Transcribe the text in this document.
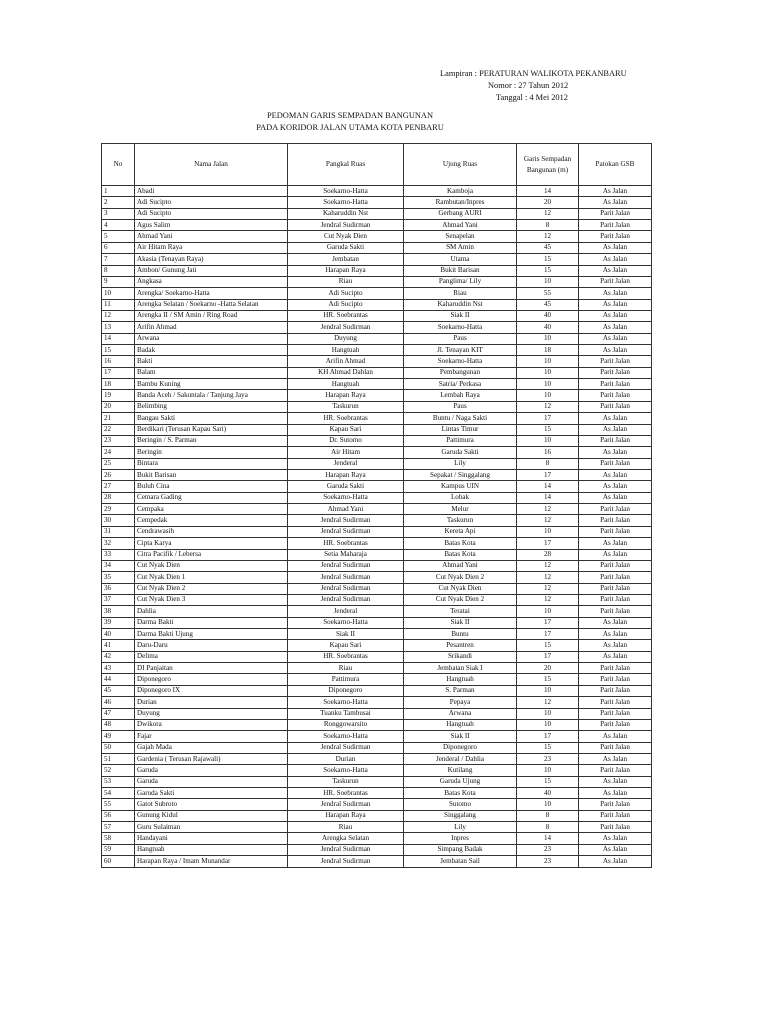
Lampiran : PERATURAN WALIKOTA PEKANBARU
Nomor : 27 Tahun 2012
Tanggal : 4 Mei 2012
PEDOMAN GARIS SEMPADAN BANGUNAN
PADA KORIDOR JALAN UTAMA KOTA PENBARU
No	Nama Jalan	Pangkal Ruas	Ujung Ruas	Garis Sempadan Bangunan (m)	Patokan GSB
1	Abadi	Soekarno-Hatta	Kamboja	14	As Jalan
2	Adi Sucipto	Soekarno-Hatta	Rambutan/Inpres	20	As Jalan
3	Adi Sucipto	Kaharuddin Nst	Gerbang AURI	12	Parit Jalan
4	Agus Salim	Jendral Sudirman	Ahmad Yani	8	Parit Jalan
5	Ahmad Yani	Cut Nyak Dien	Senapelan	12	Parit Jalan
6	Air Hitam Raya	Garuda Sakti	SM Amin	45	As Jalan
7	Akasia (Tenayan Raya)	Jembatan	Utama	15	As Jalan
8	Ambon/ Gunung Jati	Harapan Raya	Bukit Barisan	15	As Jalan
9	Angkasa	Riau	Panglima/ Lily	10	Parit Jalan
10	Arengka/ Soekarno-Hatta	Adi Sucipto	Riau	55	As Jalan
11	Arengka Selatan / Soekarno -Hatta Selatan	Adi Sucipto	Kaharuddin Nst	45	As Jalan
12	Arengka II / SM Amin / Ring Road	HR. Soebrantas	Siak II	40	As Jalan
13	Arifin Ahmad	Jendral Sudirman	Soekarno-Hatta	40	As Jalan
14	Arwana	Duyung	Paus	10	As Jalan
15	Badak	Hangtuah	Jl. Tenayan KIT	18	As Jalan
16	Bakti	Arifin Ahmad	Soekarno-Hatta	10	Parit Jalan
17	Balam	KH Ahmad Dahlan	Pembangunan	10	Parit Jalan
18	Bambu Kuning	Hangtuah	Satria/ Perkasa	10	Parit Jalan
19	Banda Aceh / Sakuntala / Tanjung Jaya	Harapan Raya	Lembah Raya	10	Parit Jalan
20	Belimbing	Taskurun	Paus	12	Parit Jalan
21	Bangau Sakti	HR. Soebrantas	Buntu / Naga Sakti	17	As Jalan
22	Berdikari (Terusan Kapau Sari)	Kapau Sari	Lintas Timur	15	As Jalan
23	Beringin / S. Parman	Dr. Sutomo	Pattimura	10	Parit Jalan
24	Beringin	Air Hitam	Garuda Sakti	16	As Jalan
25	Bintara	Jenderal	Lily	8	Parit Jalan
26	Bukit Barisan	Harapan Raya	Sepakat / Singgalang	17	As Jalan
27	Buluh Cina	Garuda Sakti	Kampus UIN	14	As Jalan
28	Cemara Gading	Soekarno-Hatta	Lobak	14	As Jalan
29	Cempaka	Ahmad Yani	Melur	12	Parit Jalan
30	Cempedak	Jendral Sudirman	Taskurun	12	Parit Jalan
31	Cendrawasih	Jendral Sudirman	Kereta Api	10	Parit Jalan
32	Cipta Karya	HR. Soebrantas	Batas Kota	17	As Jalan
33	Citra Pacifik / Lebersa	Setia Maharaja	Batas Kota	28	As Jalan
34	Cut Nyak Dien	Jendral Sudirman	Ahmad Yani	12	Parit Jalan
35	Cut Nyak Dien 1	Jendral Sudirman	Cut Nyak Dien 2	12	Parit Jalan
36	Cut Nyak Dien 2	Jendral Sudirman	Cut Nyak Dien	12	Parit Jalan
37	Cut Nyak Dien 3	Jendral Sudirman	Cut Nyak Dien 2	12	Parit Jalan
38	Dahlia	Jenderal	Teratai	10	Parit Jalan
39	Darma Bakti	Soekarno-Hatta	Siak II	17	As Jalan
40	Darma Bakti Ujung	Siak II	Buntu	17	As Jalan
41	Daru-Daru	Kapau Sari	Pesantren	15	As Jalan
42	Delima	HR. Soebrantas	Srikandi	17	As Jalan
43	DI Panjaitan	Riau	Jembatan Siak I	20	Parit Jalan
44	Diponegoro	Pattimura	Hangtuah	15	Parit Jalan
45	Diponegoro IX	Diponegoro	S. Parman	10	Parit Jalan
46	Durian	Soekarno-Hatta	Pepaya	12	Parit Jalan
47	Duyung	Tuanku Tambusai	Arwana	10	Parit Jalan
48	Dwikora	Ronggowarsito	Hangtuah	10	Parit Jalan
49	Fajar	Soekarno-Hatta	Siak II	17	As Jalan
50	Gajah Mada	Jendral Sudirman	Diponegoro	15	Parit Jalan
51	Gardenia ( Terusan Rajawali)	Durian	Jenderal / Dahlia	23	As Jalan
52	Garuda	Soekarno-Hatta	Kutilang	10	Parit Jalan
53	Garuda	Taskurun	Garuda Ujung	15	As Jalan
54	Garuda Sakti	HR. Soebrantas	Batas Kota	40	As Jalan
55	Gatot Subroto	Jendral Sudirman	Sutomo	10	Parit Jalan
56	Gunung Kidul	Harapan Raya	Singgalang	8	Parit Jalan
57	Guru Sulaiman	Riau	Lily	8	Parit Jalan
58	Handayani	Arengka Selatan	Inpres	14	As Jalan
59	Hangtuah	Jendral Sudirman	Simpang Badak	23	As Jalan
60	Harapan Raya / Imam Munandar	Jendral Sudirman	Jembatan Sail	23	As Jalan
